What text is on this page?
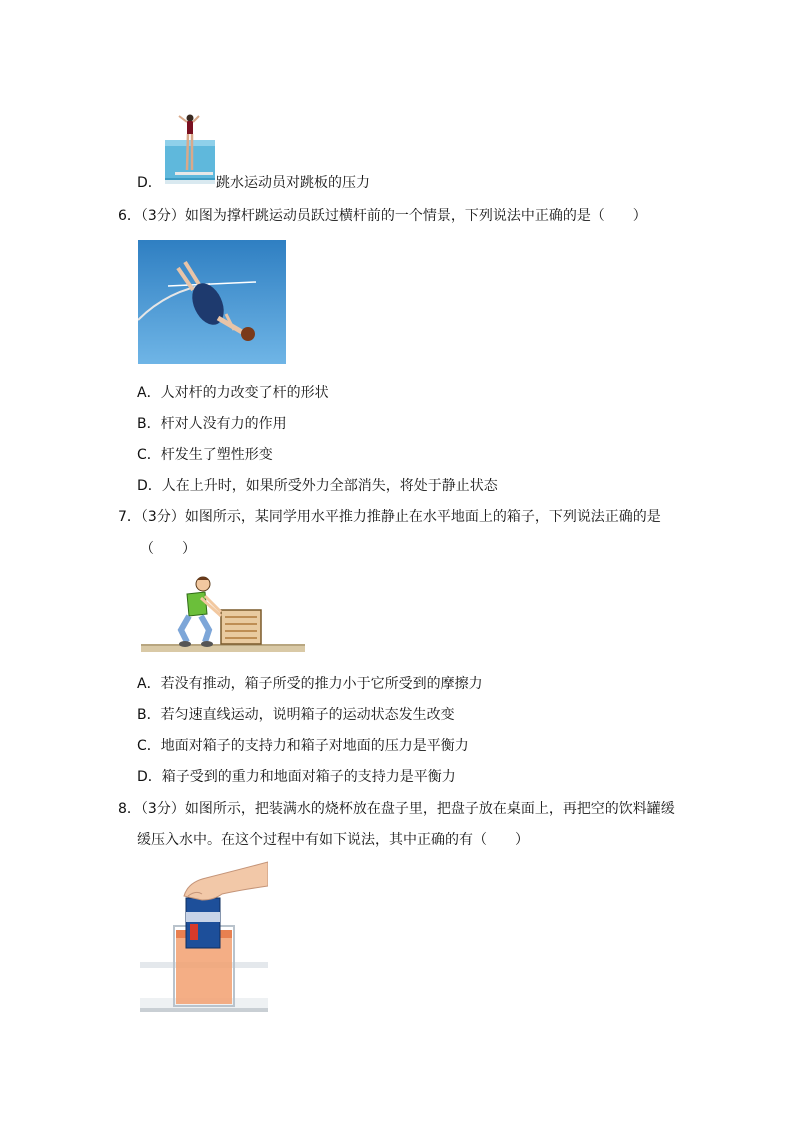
D．	跳水运动员对跳板的压力
6．（3分）如图为撑杆跳运动员跃过横杆前的一个情景，下列说法中正确的是（　　）
A．人对杆的力改变了杆的形状
B．杆对人没有力的作用
C．杆发生了塑性形变
D．人在上升时，如果所受外力全部消失，将处于静止状态
7．（3分）如图所示，某同学用水平推力推静止在水平地面上的箱子，下列说法正确的是
（　　）
A．若没有推动，箱子所受的推力小于它所受到的摩擦力
B．若匀速直线运动，说明箱子的运动状态发生改变
C．地面对箱子的支持力和箱子对地面的压力是平衡力
D．箱子受到的重力和地面对箱子的支持力是平衡力
8．（3分）如图所示，把装满水的烧杯放在盘子里，把盘子放在桌面上，再把空的饮料罐缓
缓压入水中。在这个过程中有如下说法，其中正确的有（　　）
